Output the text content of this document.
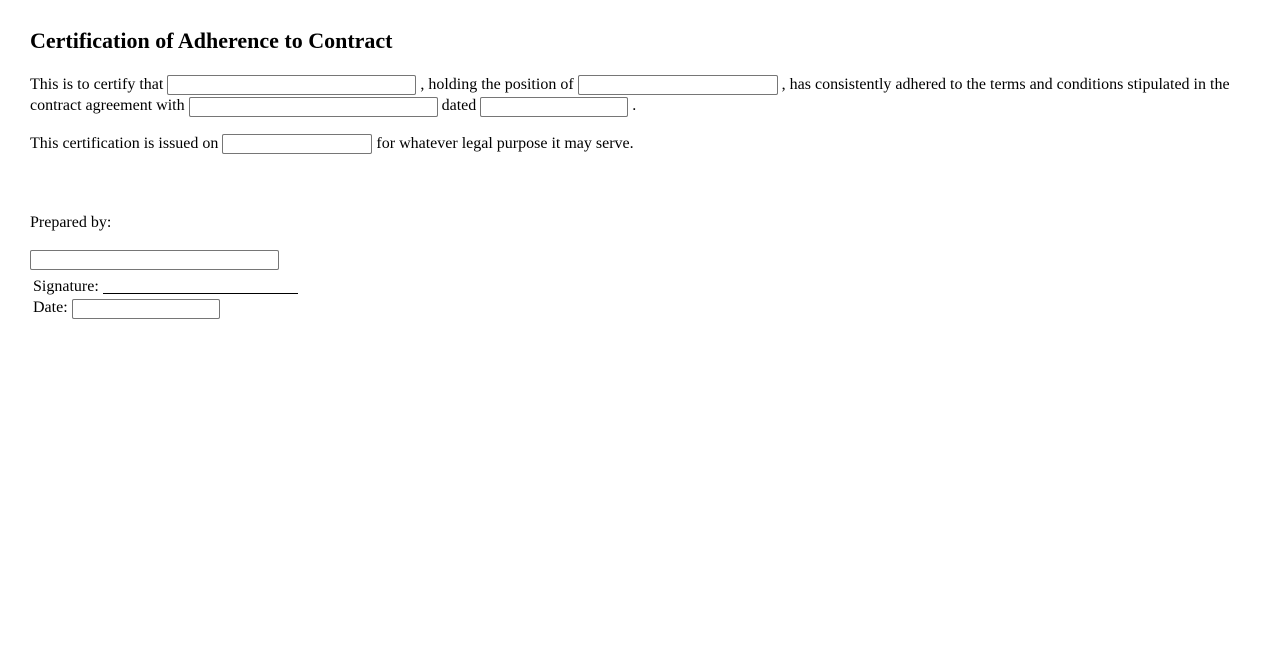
Certification of Adherence to Contract

This is to certify that	, holding the position of	, has consistently adhered to the terms and conditions stipulated in the contract agreement with	dated	.

This certification is issued on	for whatever legal purpose it may serve.

Prepared by:

Signature:
Date:
